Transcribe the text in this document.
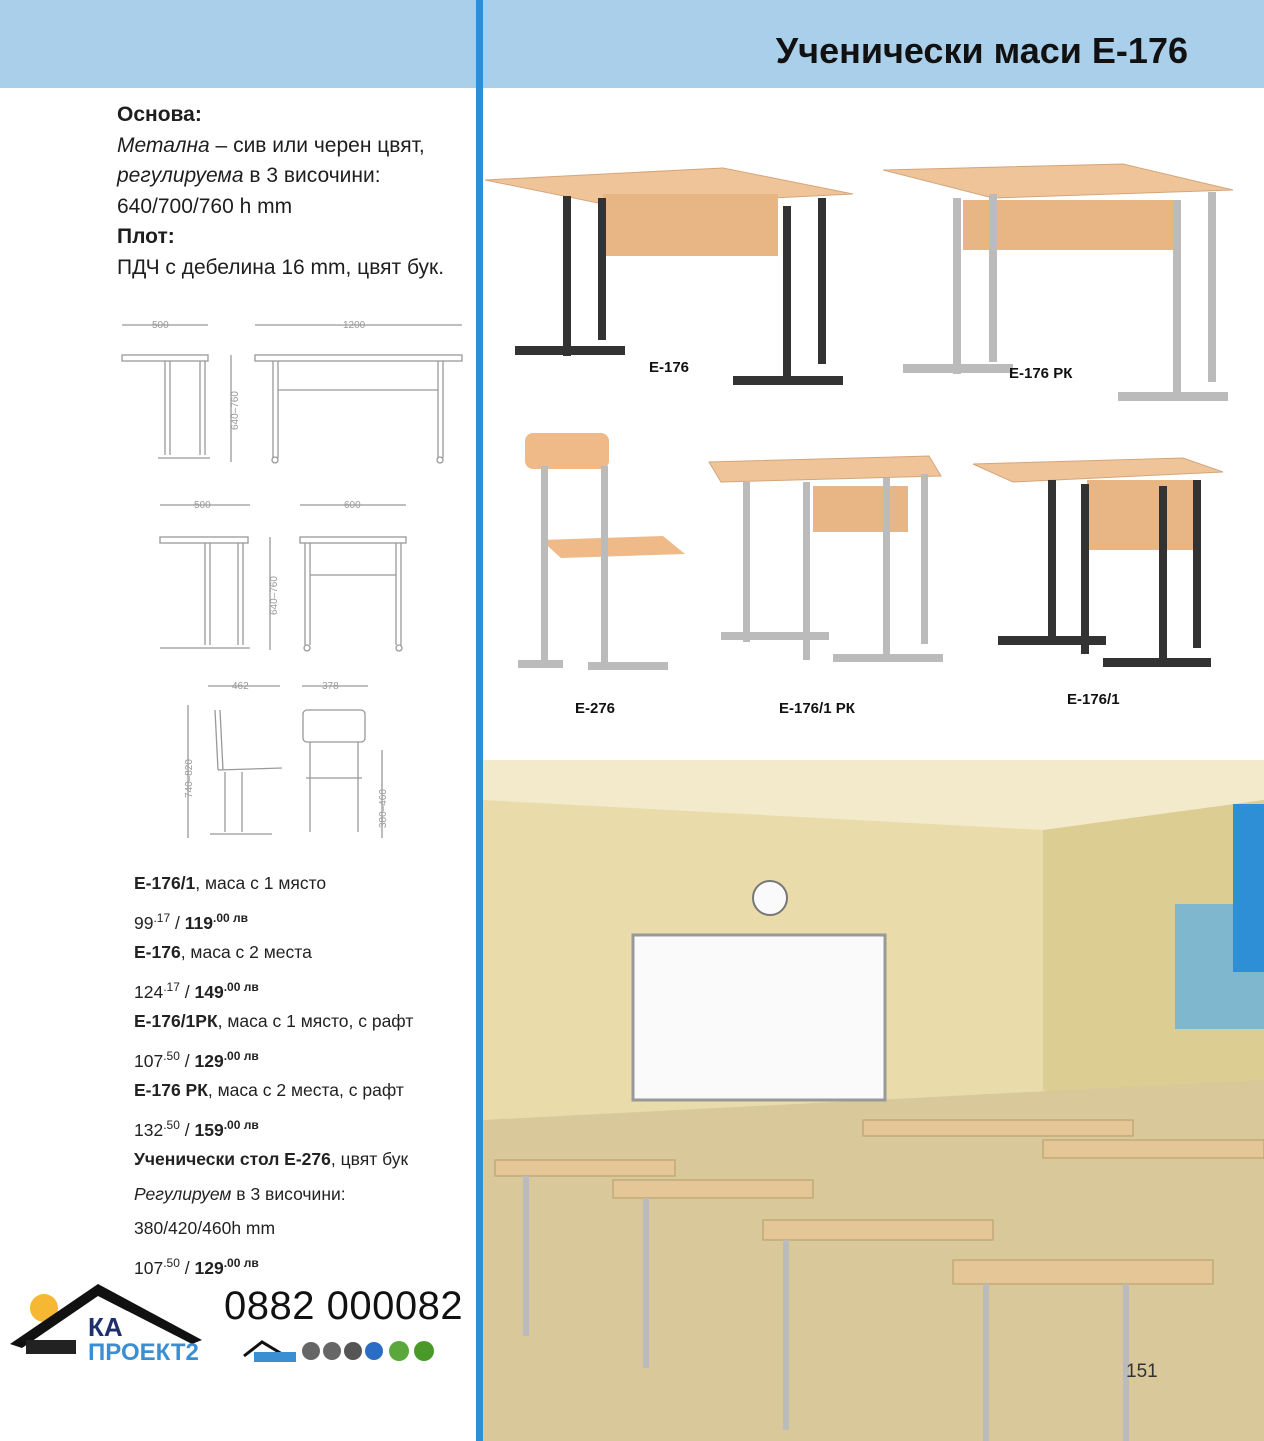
Ученически маси Е-176
Основа:
Метална – сив или черен цвят,
регулируема в 3 височини:
640/700/760 h mm
Плот:
ПДЧ с дебелина 16 mm, цвят бук.
500	1200
640–760
500	600
640–760
462	378
740–820
380–460
Е-176/1, маса с 1 място
$99^{.17} / 119^{.00 лв}$
Е-176, маса с 2 места
$124^{.17} / 149^{.00 лв}$
Е-176/1РК, маса с 1 място, с рафт
$107^{.50} / 129^{.00 лв}$
Е-176 РК, маса с 2 места, с рафт
$132^{.50} / 159^{.00 лв}$
Ученически стол Е-276, цвят бук
Регулируем в 3 височини:
380/420/460h mm
$107^{.50} / 129^{.00 лв}$
КА
ПРОЕКТ2
0882 000082
Е-176	Е-176 РК
Е-276	Е-176/1 РК
Е-176/1
151
